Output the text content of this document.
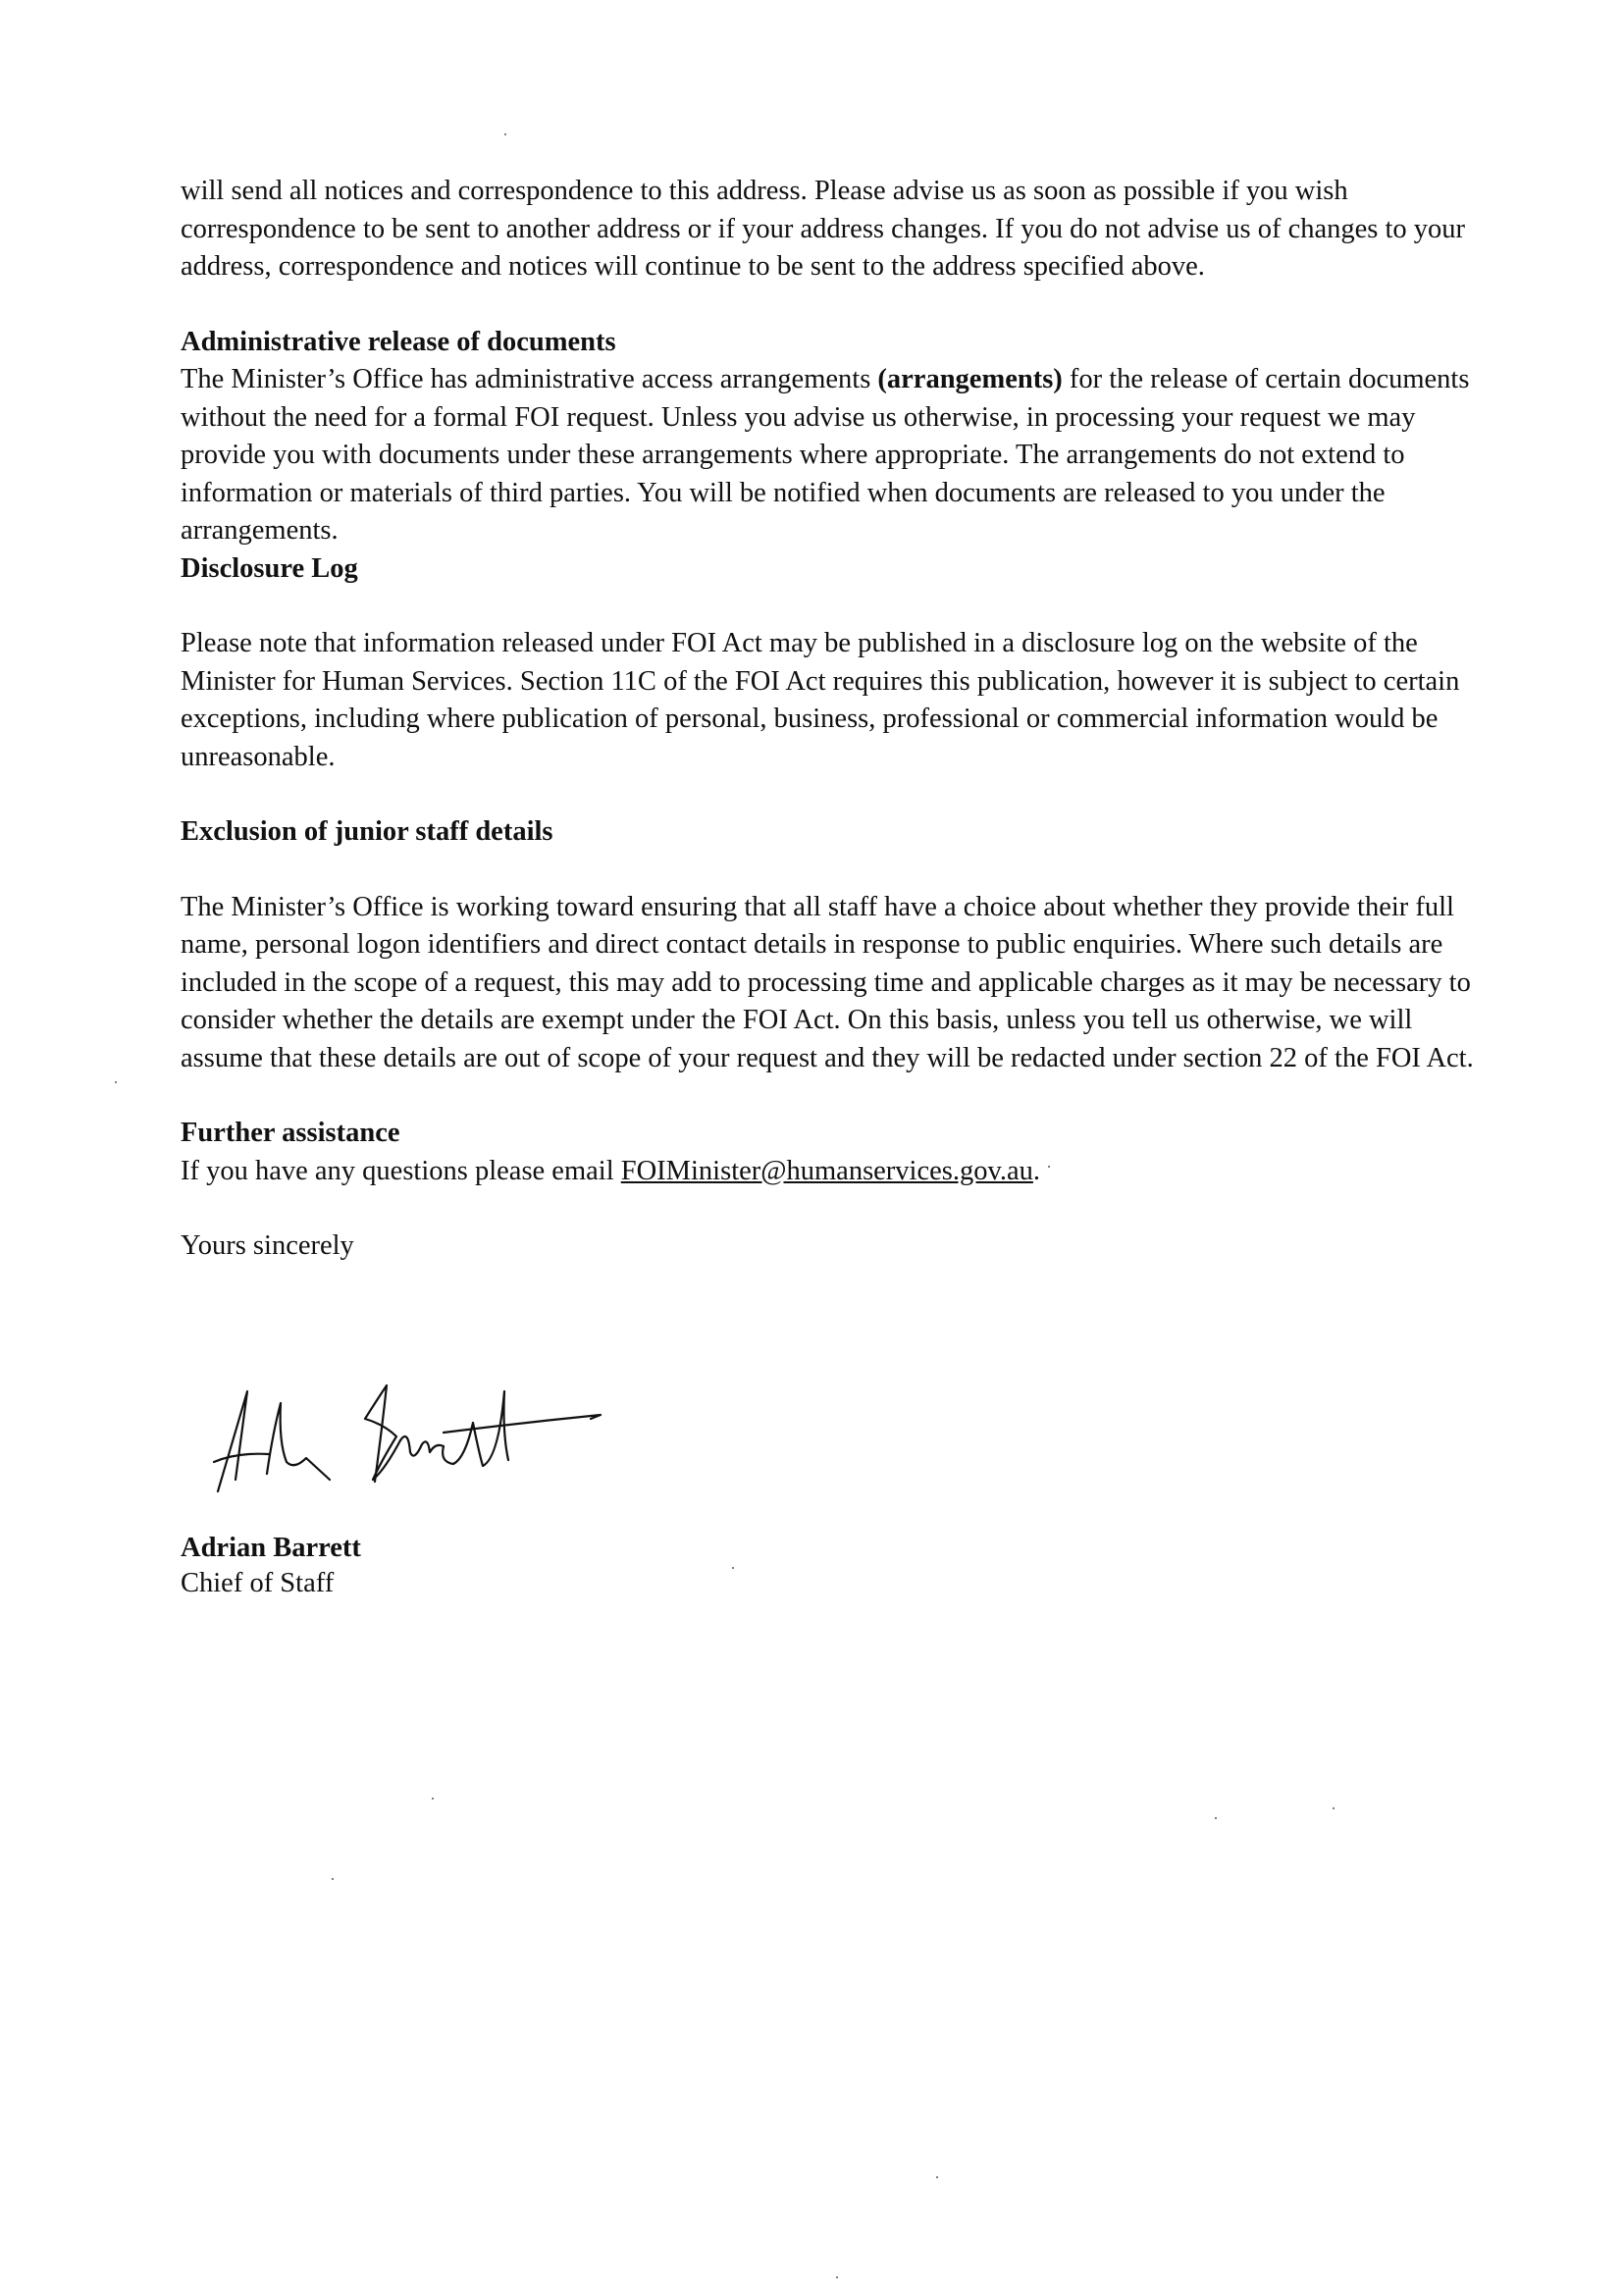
will send all notices and correspondence to this address. Please advise us as soon as possible if you wish correspondence to be sent to another address or if your address changes. If you do not advise us of changes to your address, correspondence and notices will continue to be sent to the address specified above.

Administrative release of documents

The Minister’s Office has administrative access arrangements (arrangements) for the release of certain documents without the need for a formal FOI request. Unless you advise us otherwise, in processing your request we may provide you with documents under these arrangements where appropriate. The arrangements do not extend to information or materials of third parties. You will be notified when documents are released to you under the arrangements.

Disclosure Log

Please note that information released under FOI Act may be published in a disclosure log on the website of the Minister for Human Services. Section 11C of the FOI Act requires this publication, however it is subject to certain exceptions, including where publication of personal, business, professional or commercial information would be unreasonable.

Exclusion of junior staff details

The Minister’s Office is working toward ensuring that all staff have a choice about whether they provide their full name, personal logon identifiers and direct contact details in response to public enquiries. Where such details are included in the scope of a request, this may add to processing time and applicable charges as it may be necessary to consider whether the details are exempt under the FOI Act. On this basis, unless you tell us otherwise, we will assume that these details are out of scope of your request and they will be redacted under section 22 of the FOI Act.

Further assistance

If you have any questions please email FOIMinister@humanservices.gov.au.

Yours sincerely

Adrian Barrett
Chief of Staff
